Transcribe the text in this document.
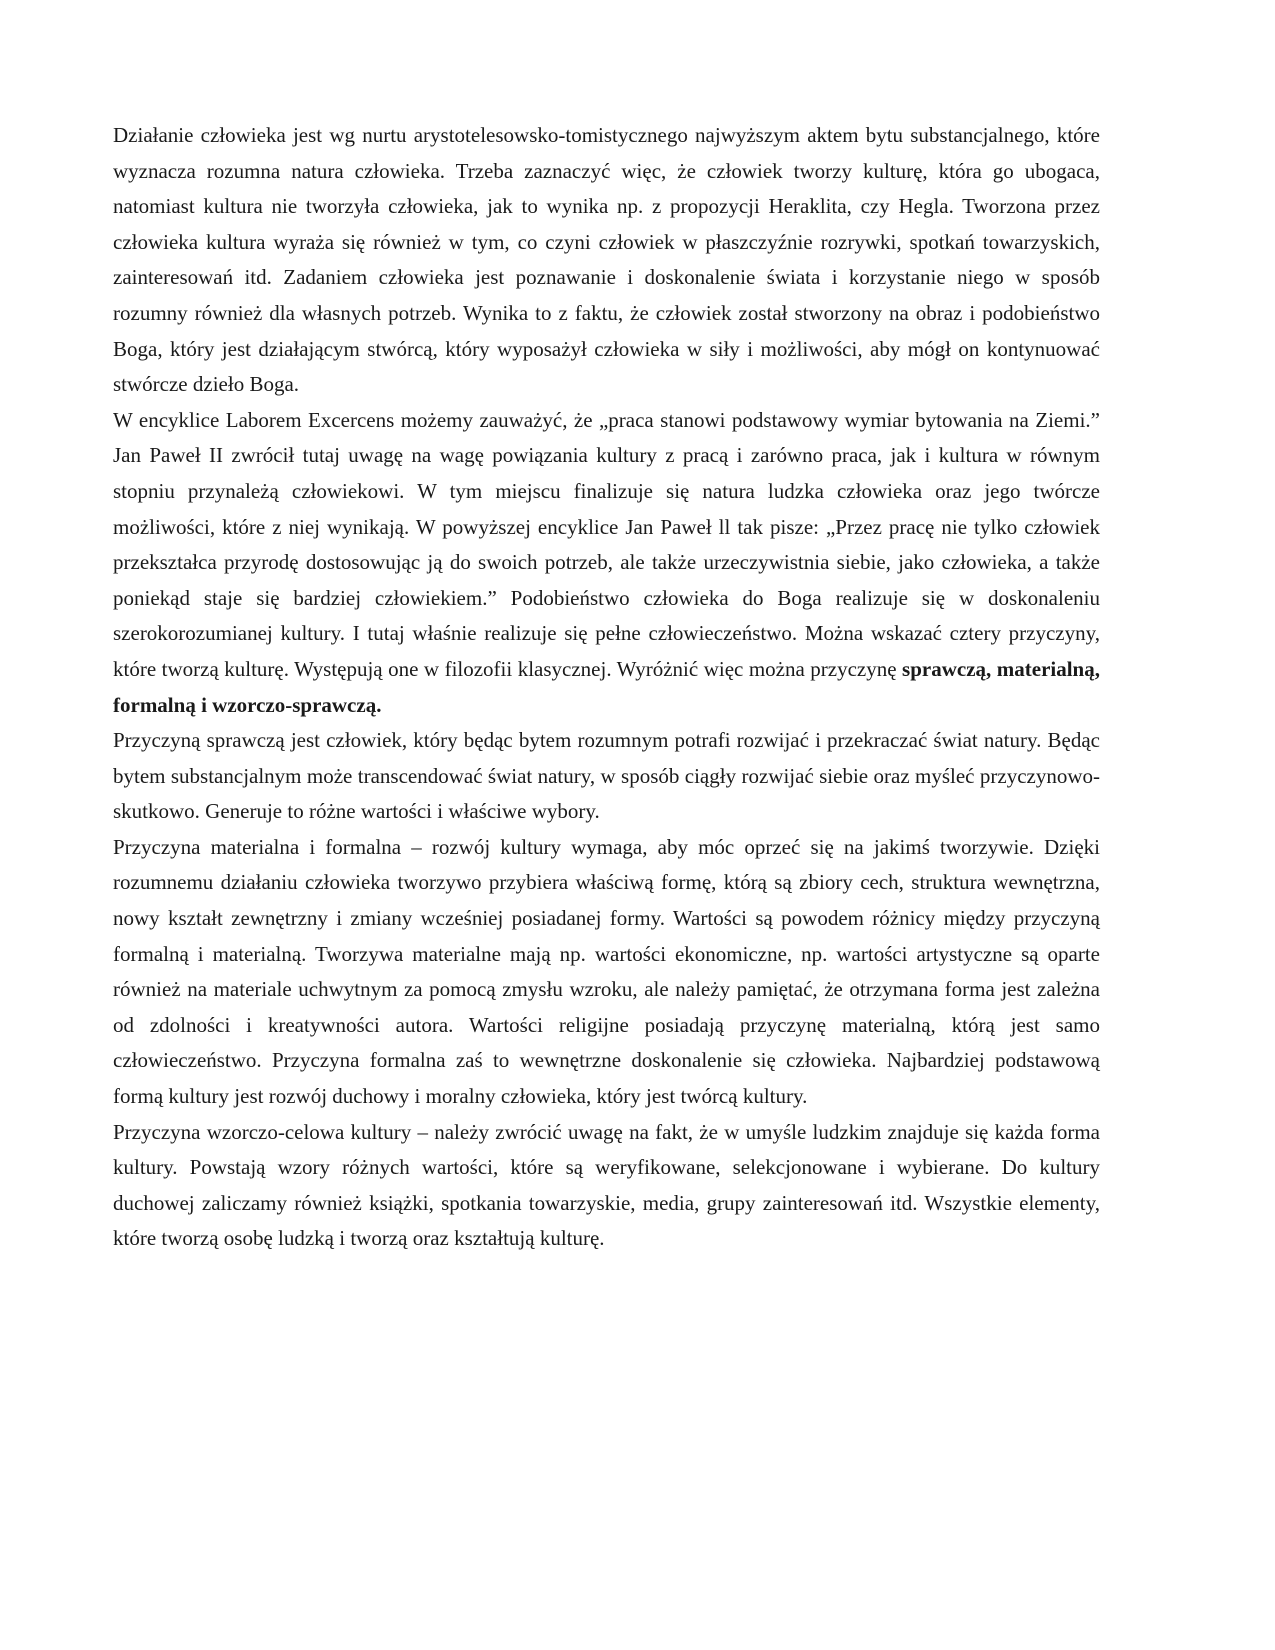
Działanie człowieka jest wg nurtu arystotelesowsko-tomistycznego najwyższym aktem bytu substancjalnego, które wyznacza rozumna natura człowieka. Trzeba zaznaczyć więc, że człowiek tworzy kulturę, która go ubogaca, natomiast kultura nie tworzyła człowieka, jak to wynika np. z propozycji Heraklita, czy Hegla. Tworzona przez człowieka kultura wyraża się również w tym, co czyni człowiek w płaszczyźnie rozrywki, spotkań towarzyskich, zainteresowań itd. Zadaniem człowieka jest poznawanie i doskonalenie świata i korzystanie niego w sposób rozumny również dla własnych potrzeb. Wynika to z faktu, że człowiek został stworzony na obraz i podobieństwo Boga, który jest działającym stwórcą, który wyposażył człowieka w siły i możliwości, aby mógł on kontynuować stwórcze dzieło Boga.

W encyklice Laborem Excercens możemy zauważyć, że „praca stanowi podstawowy wymiar bytowania na Ziemi.” Jan Paweł II zwrócił tutaj uwagę na wagę powiązania kultury z pracą i zarówno praca, jak i kultura w równym stopniu przynależą człowiekowi. W tym miejscu finalizuje się natura ludzka człowieka oraz jego twórcze możliwości, które z niej wynikają. W powyższej encyklice Jan Paweł ll tak pisze: „Przez pracę nie tylko człowiek przekształca przyrodę dostosowując ją do swoich potrzeb, ale także urzeczywistnia siebie, jako człowieka, a także poniekąd staje się bardziej człowiekiem.” Podobieństwo człowieka do Boga realizuje się w doskonaleniu szerokorozumianej kultury. I tutaj właśnie realizuje się pełne człowieczeństwo. Można wskazać cztery przyczyny, które tworzą kulturę. Występują one w filozofii klasycznej. Wyróżnić więc można przyczynę sprawczą, materialną, formalną i wzorczo-sprawczą.

Przyczyną sprawczą jest człowiek, który będąc bytem rozumnym potrafi rozwijać i przekraczać świat natury. Będąc bytem substancjalnym może transcendować świat natury, w sposób ciągły rozwijać siebie oraz myśleć przyczynowo-skutkowo. Generuje to różne wartości i właściwe wybory.

Przyczyna materialna i formalna – rozwój kultury wymaga, aby móc oprzeć się na jakimś tworzywie. Dzięki rozumnemu działaniu człowieka tworzywo przybiera właściwą formę, którą są zbiory cech, struktura wewnętrzna, nowy kształt zewnętrzny i zmiany wcześniej posiadanej formy. Wartości są powodem różnicy między przyczyną formalną i materialną. Tworzywa materialne mają np. wartości ekonomiczne, np. wartości artystyczne są oparte również na materiale uchwytnym za pomocą zmysłu wzroku, ale należy pamiętać, że otrzymana forma jest zależna od zdolności i kreatywności autora. Wartości religijne posiadają przyczynę materialną, którą jest samo człowieczeństwo. Przyczyna formalna zaś to wewnętrzne doskonalenie się człowieka. Najbardziej podstawową formą kultury jest rozwój duchowy i moralny człowieka, który jest twórcą kultury.

Przyczyna wzorczo-celowa kultury – należy zwrócić uwagę na fakt, że w umyśle ludzkim znajduje się każda forma kultury. Powstają wzory różnych wartości, które są weryfikowane, selekcjonowane i wybierane. Do kultury duchowej zaliczamy również książki, spotkania towarzyskie, media, grupy zainteresowań itd. Wszystkie elementy, które tworzą osobę ludzką i tworzą oraz kształtują kulturę.
